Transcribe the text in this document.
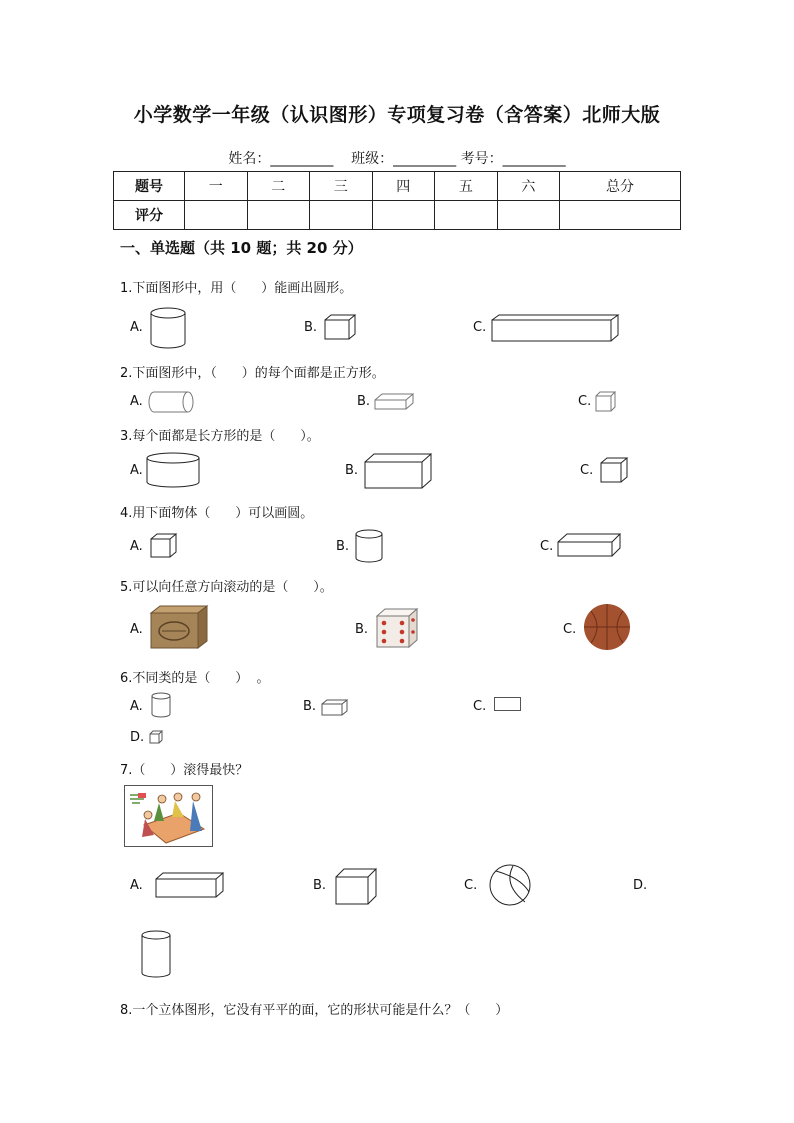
小学数学一年级（认识图形）专项复习卷（含答案）北师大版
姓名：_________ 班级：_________ 考号：_________
题号	一	二	三	四	五	六	总分
评分							
一、单选题（共 10 题；共 20 分）
1.下面图形中，用（      ）能画出圆形。
A.	B.	C.
2.下面图形中，（      ）的每个面都是正方形。
A.	B.	C.
3.每个面都是长方形的是（      ）。
A.	B.	C.
4.用下面物体（      ）可以画圆。
A.	B.	C.
5.可以向任意方向滚动的是（      ）。
A.	B.	C.
6.不同类的是（      ）  。
A.	B.	C.
D.
7.（      ）滚得最快？
A.	B.	C.	D.
8.一个立体图形，它没有平平的面，它的形状可能是什么？（      ）
